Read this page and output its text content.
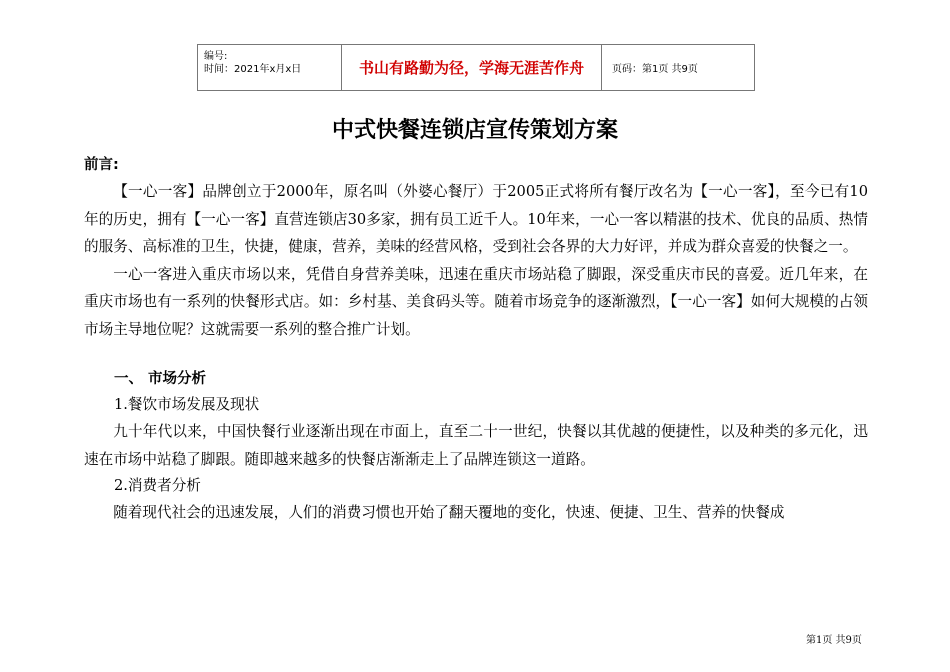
编号:
时间：2021年x月x日	书山有路勤为径，学海无涯苦作舟	页码：第1页 共9页
中式快餐连锁店宣传策划方案
前言:

【一心一客】品牌创立于2000年，原名叫（外婆心餐厅）于2005正式将所有餐厅改名为【一心一客】，至今已有10年的历史，拥有【一心一客】直营连锁店30多家，拥有员工近千人。10年来，一心一客以精湛的技术、优良的品质、热情的服务、高标准的卫生，快捷，健康，营养，美味的经营风格，受到社会各界的大力好评，并成为群众喜爱的快餐之一。

一心一客进入重庆市场以来，凭借自身营养美味，迅速在重庆市场站稳了脚跟，深受重庆市民的喜爱。近几年来，在重庆市场也有一系列的快餐形式店。如：乡村基、美食码头等。随着市场竞争的逐渐激烈，【一心一客】如何大规模的占领市场主导地位呢？这就需要一系列的整合推广计划。

一、 市场分析

1.餐饮市场发展及现状

九十年代以来，中国快餐行业逐渐出现在市面上，直至二十一世纪，快餐以其优越的便捷性，以及种类的多元化，迅速在市场中站稳了脚跟。随即越来越多的快餐店渐渐走上了品牌连锁这一道路。

2.消费者分析

随着现代社会的迅速发展，人们的消费习惯也开始了翻天覆地的变化，快速、便捷、卫生、营养的快餐成

第1页 共9页
